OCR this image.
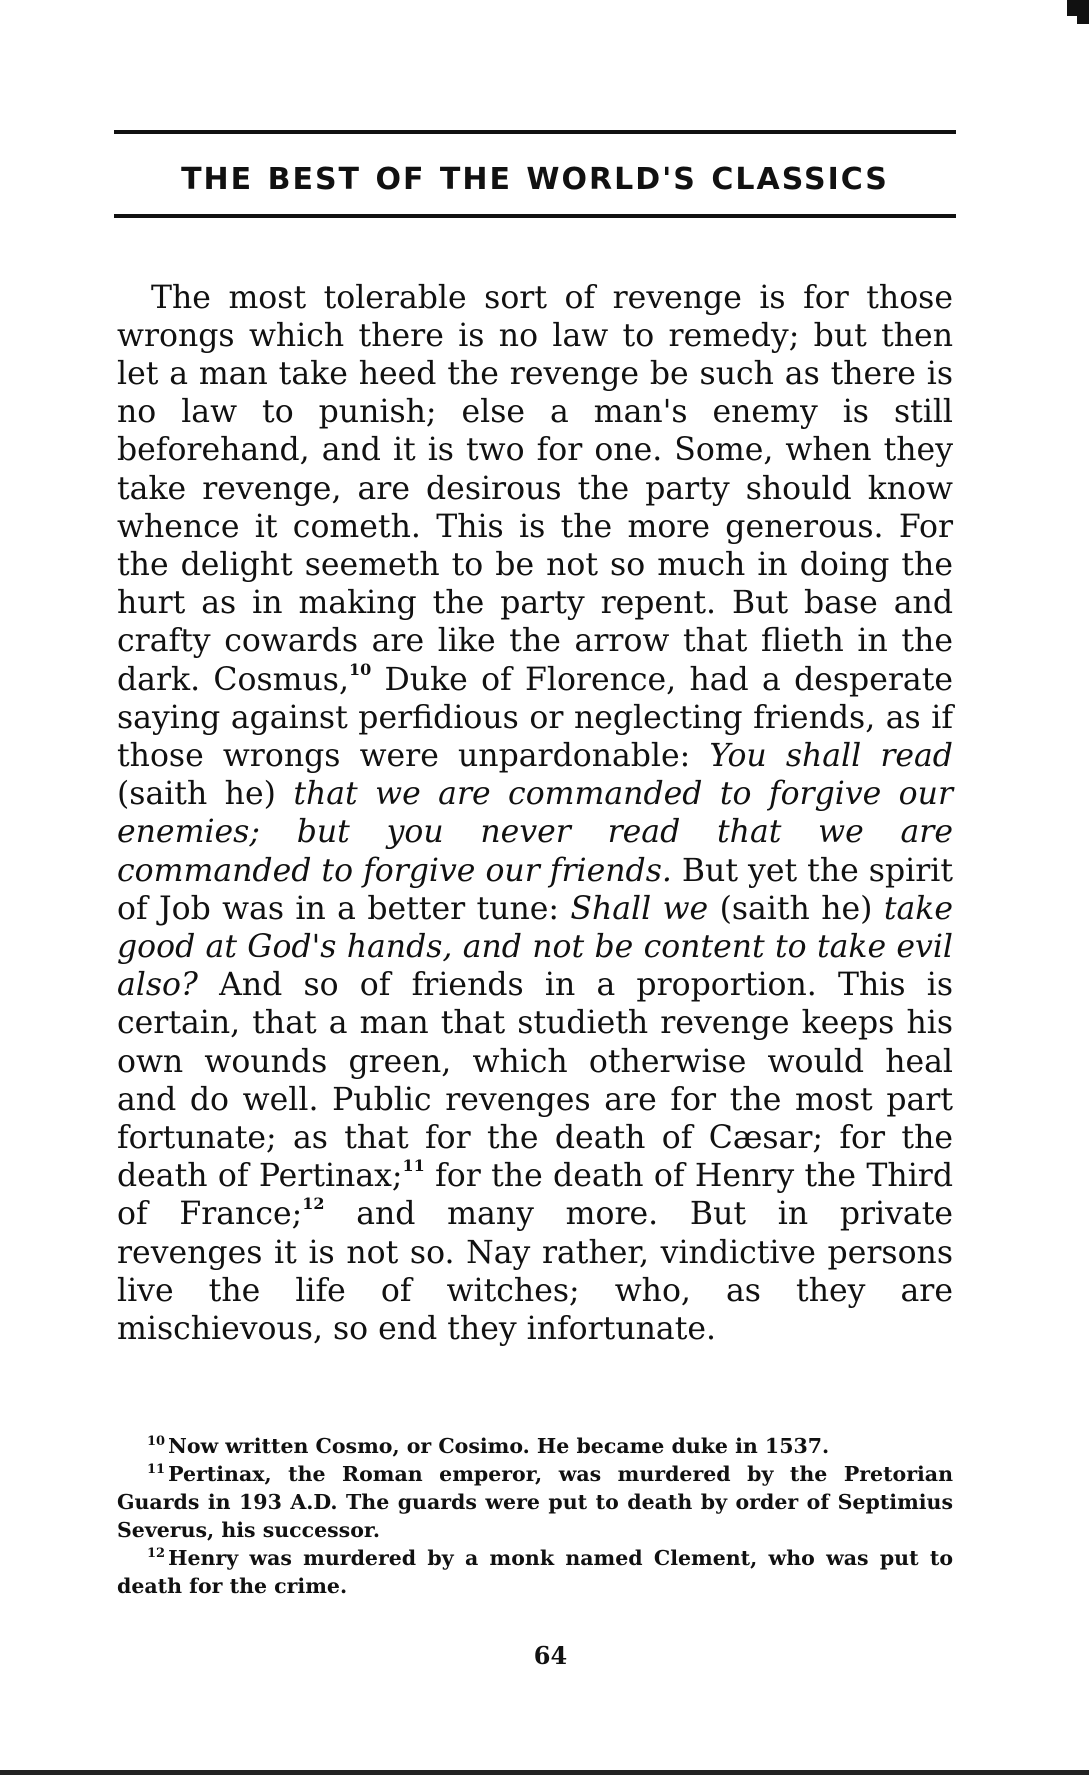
THE BEST OF THE WORLD'S CLASSICS

The most tolerable sort of revenge is for those wrongs which there is no law to remedy; but then let a man take heed the revenge be such as there is no law to punish; else a man's enemy is still beforehand, and it is two for one. Some, when they take revenge, are desirous the party should know whence it cometh. This is the more generous. For the delight seemeth to be not so much in doing the hurt as in making the party repent. But base and crafty cowards are like the arrow that flieth in the dark. Cosmus,$^{10}$ Duke of Florence, had a desperate saying against perfidious or neglecting friends, as if those wrongs were unpardonable: You shall read (saith he) that we are commanded to forgive our enemies; but you never read that we are commanded to forgive our friends. But yet the spirit of Job was in a better tune: Shall we (saith he) take good at God's hands, and not be content to take evil also? And so of friends in a proportion. This is certain, that a man that studieth revenge keeps his own wounds green, which otherwise would heal and do well. Public revenges are for the most part fortunate; as that for the death of Cæsar; for the death of Pertinax;$^{11}$ for the death of Henry the Third of France;$^{12}$ and many more. But in private revenges it is not so. Nay rather, vindictive persons live the life of witches; who, as they are mischievous, so end they infortunate.

$^{10}$ Now written Cosmo, or Cosimo. He became duke in 1537.

$^{11}$ Pertinax, the Roman emperor, was murdered by the Pretorian Guards in 193 A.D. The guards were put to death by order of Septimius Severus, his successor.

$^{12}$ Henry was murdered by a monk named Clement, who was put to death for the crime.

64
